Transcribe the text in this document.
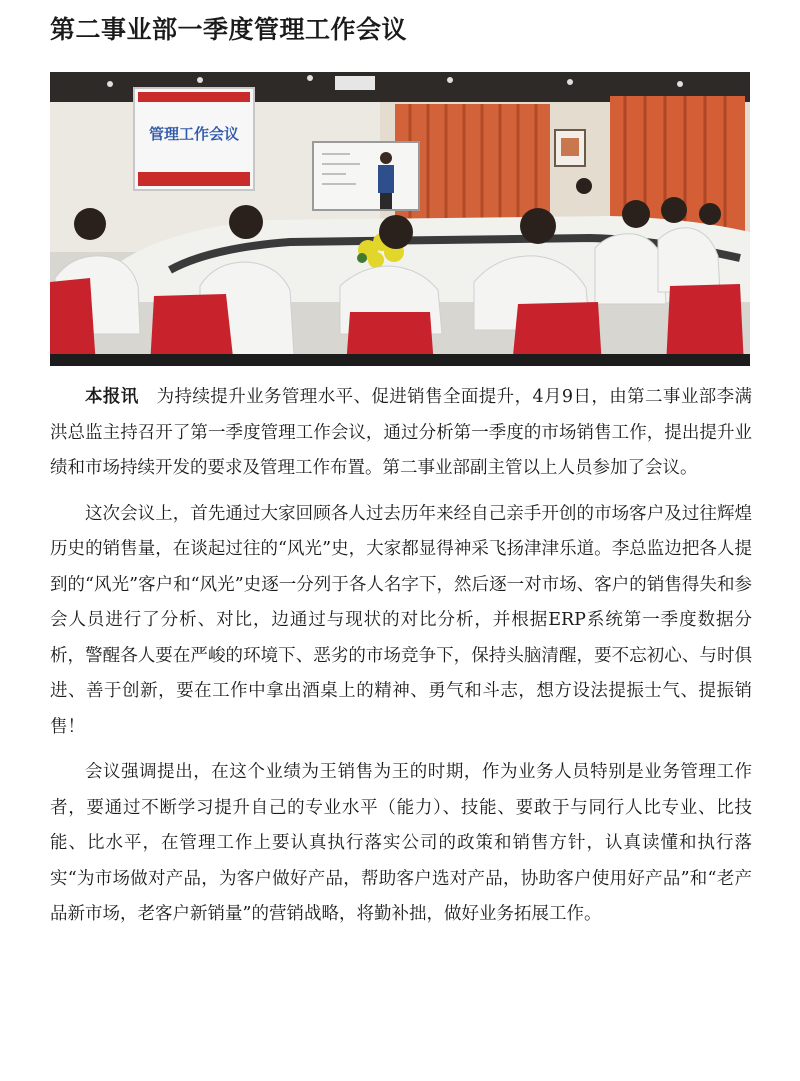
第二事业部一季度管理工作会议
管理工作会议

本报讯　 为持续提升业务管理水平、促进销售全面提升，4月9日，由第二事业部李满洪总监主持召开了第一季度管理工作会议，通过分析第一季度的市场销售工作，提出提升业绩和市场持续开发的要求及管理工作布置。第二事业部副主管以上人员参加了会议。

这次会议上，首先通过大家回顾各人过去历年来经自己亲手开创的市场客户及过往辉煌历史的销售量，在谈起过往的“风光”史，大家都显得神采飞扬津津乐道。李总监边把各人提到的“风光”客户和“风光”史逐一分列于各人名字下，然后逐一对市场、客户的销售得失和参会人员进行了分析、对比，边通过与现状的对比分析，并根据ERP系统第一季度数据分析，警醒各人要在严峻的环境下、恶劣的市场竞争下，保持头脑清醒，要不忘初心、与时俱进、善于创新，要在工作中拿出酒桌上的精神、勇气和斗志，想方设法提振士气、提振销售！

会议强调提出，在这个业绩为王销售为王的时期，作为业务人员特别是业务管理工作者，要通过不断学习提升自己的专业水平（能力）、技能、要敢于与同行人比专业、比技能、比水平，在管理工作上要认真执行落实公司的政策和销售方针，认真读懂和执行落实“为市场做对产品，为客户做好产品，帮助客户选对产品，协助客户使用好产品”和“老产品新市场，老客户新销量”的营销战略，将勤补拙，做好业务拓展工作。
